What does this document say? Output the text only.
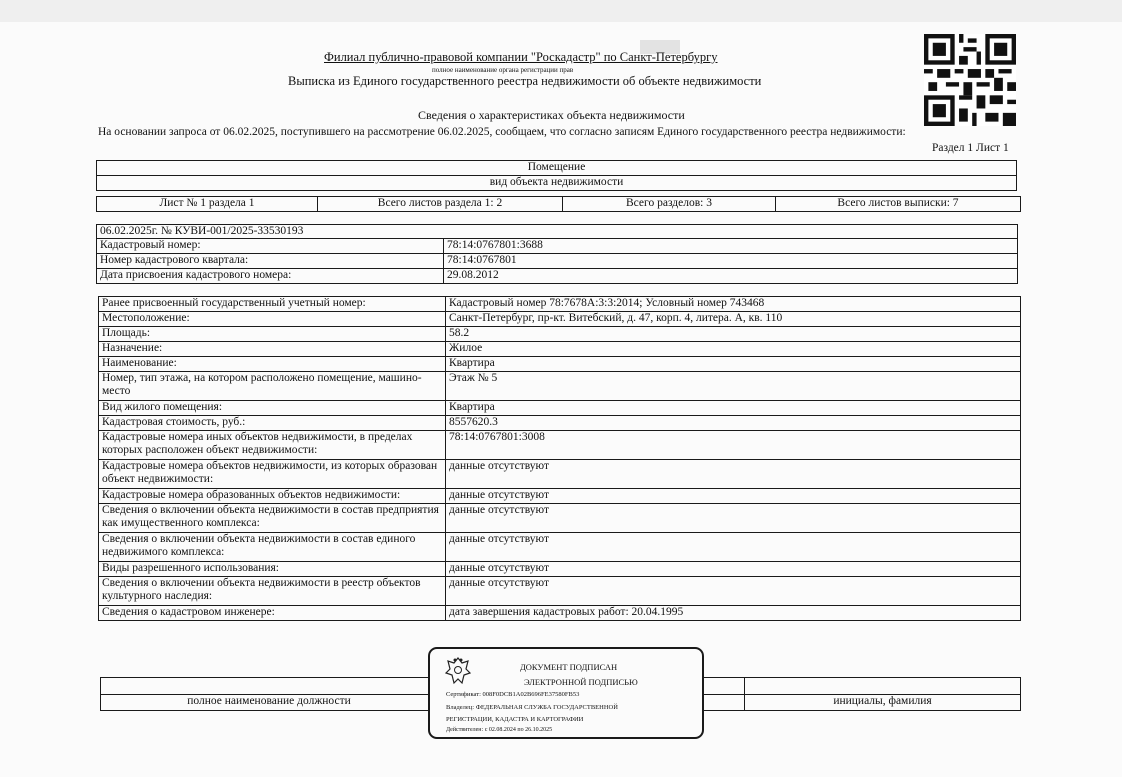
Филиал публично-правовой компании "Роскадастр" по Санкт-Петербургу
полное наименование органа регистрации прав
Выписка из Единого государственного реестра недвижимости об объекте недвижимости
Сведения о характеристиках объекта недвижимости
На основании запроса от 06.02.2025, поступившего на рассмотрение 06.02.2025, сообщаем, что согласно записям Единого государственного реестра недвижимости:
Раздел 1 Лист 1
Помещение
вид объекта недвижимости
Лист № 1 раздела 1	Всего листов раздела 1: 2	Всего разделов: 3	Всего листов выписки: 7
06.02.2025г. № КУВИ-001/2025-33530193	
Кадастровый номер:	78:14:0767801:3688
Номер кадастрового квартала:	78:14:0767801
Дата присвоения кадастрового номера:	29.08.2012
Ранее присвоенный государственный учетный номер:	Кадастровый номер 78:7678А:3:3:2014; Условный номер 743468
Местоположение:	Санкт-Петербург, пр-кт. Витебский, д. 47, корп. 4, литера. А, кв. 110
Площадь:	58.2
Назначение:	Жилое
Наименование:	Квартира
Номер, тип этажа, на котором расположено помещение, машино-место	Этаж № 5
Вид жилого помещения:	Квартира
Кадастровая стоимость, руб.:	8557620.3
Кадастровые номера иных объектов недвижимости, в пределах которых расположен объект недвижимости:	78:14:0767801:3008
Кадастровые номера объектов недвижимости, из которых образован объект недвижимости:	данные отсутствуют
Кадастровые номера образованных объектов недвижимости:	данные отсутствуют
Сведения о включении объекта недвижимости в состав предприятия как имущественного комплекса:	данные отсутствуют
Сведения о включении объекта недвижимости в состав единого недвижимого комплекса:	данные отсутствуют
Виды разрешенного использования:	данные отсутствуют
Сведения о включении объекта недвижимости в реестр объектов культурного наследия:	данные отсутствуют
Сведения о кадастровом инженере:	дата завершения кадастровых работ: 20.04.1995

полное наименование должности		инициалы, фамилия
ДОКУМЕНТ ПОДПИСАН
ЭЛЕКТРОННОЙ ПОДПИСЬЮ
Сертификат: 008F0DCB1A02B696FE37580FB53
Владелец: ФЕДЕРАЛЬНАЯ СЛУЖБА ГОСУДАРСТВЕННОЙ
РЕГИСТРАЦИИ, КАДАСТРА И КАРТОГРАФИИ
Действителен: с 02.08.2024 по 26.10.2025
